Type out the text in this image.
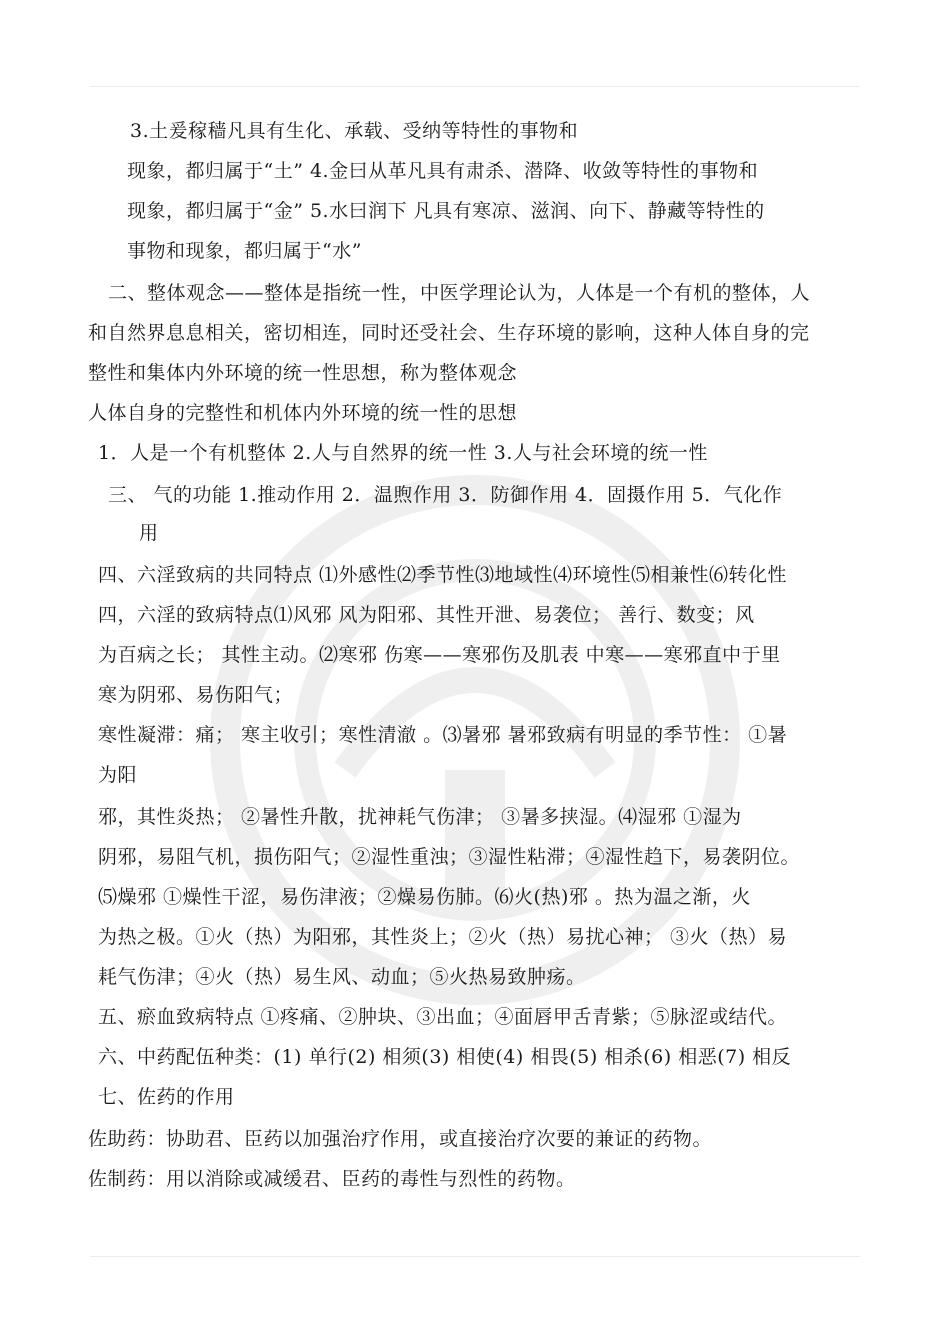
3.土爰稼穑凡具有生化、承载、受纳等特性的事物和
现象，都归属于“土” 4.金曰从革凡具有肃杀、潜降、收敛等特性的事物和
现象，都归属于“金” 5.水曰润下 凡具有寒凉、滋润、向下、静藏等特性的
事物和现象，都归属于“水”
二、整体观念——整体是指统一性，中医学理论认为，人体是一个有机的整体，人
和自然界息息相关，密切相连，同时还受社会、生存环境的影响，这种人体自身的完
整性和集体内外环境的统一性思想，称为整体观念
人体自身的完整性和机体内外环境的统一性的思想
1．人是一个有机整体 2.人与自然界的统一性 3.人与社会环境的统一性
三、 气的功能 1.推动作用 2．温煦作用 3．防御作用 4．固摄作用 5．气化作
用
四、六淫致病的共同特点 ⑴外感性⑵季节性⑶地域性⑷环境性⑸相兼性⑹转化性
四，六淫的致病特点⑴风邪 风为阳邪、其性开泄、易袭位； 善行、数变；风
为百病之长； 其性主动。⑵寒邪 伤寒——寒邪伤及肌表 中寒——寒邪直中于里
寒为阴邪、易伤阳气；
寒性凝滞：痛； 寒主收引；寒性清澈 。⑶暑邪 暑邪致病有明显的季节性： ①暑
为阳
邪，其性炎热； ②暑性升散，扰神耗气伤津； ③暑多挟湿。⑷湿邪 ①湿为
阴邪，易阻气机，损伤阳气；②湿性重浊；③湿性粘滞；④湿性趋下，易袭阴位。
⑸燥邪 ①燥性干涩，易伤津液；②燥易伤肺。⑹火(热)邪 。热为温之渐，火
为热之极。①火（热）为阳邪，其性炎上；②火（热）易扰心神； ③火（热）易
耗气伤津；④火（热）易生风、动血；⑤火热易致肿疡。
五、瘀血致病特点 ①疼痛、②肿块、③出血；④面唇甲舌青紫；⑤脉涩或结代。
六、中药配伍种类：(1) 单行(2) 相须(3) 相使(4) 相畏(5) 相杀(6) 相恶(7) 相反
七、佐药的作用
佐助药：协助君、臣药以加强治疗作用，或直接治疗次要的兼证的药物。
佐制药：用以消除或减缓君、臣药的毒性与烈性的药物。
